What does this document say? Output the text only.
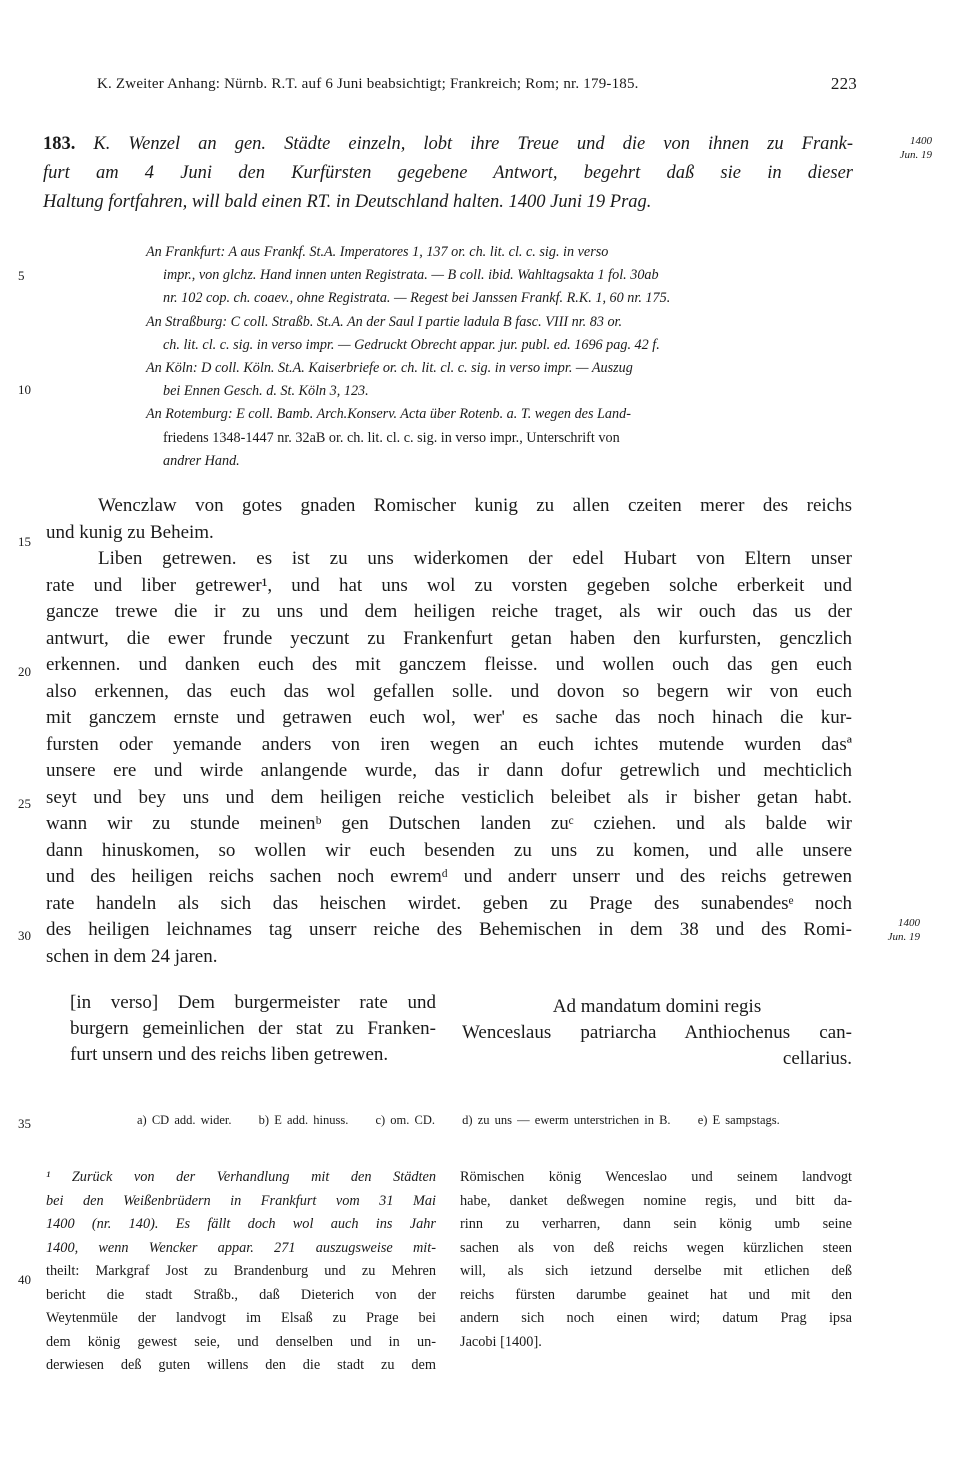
K. Zweiter Anhang: Nürnb. R.T. auf 6 Juni beabsichtigt; Frankreich; Rom; nr. 179-185.	223
183. K. Wenzel an gen. Städte einzeln, lobt ihre Treue und die von ihnen zu Frank-
furt am 4 Juni den Kurfürsten gegebene Antwort, begehrt daß sie in dieser
Haltung fortfahren, will bald einen RT. in Deutschland halten. 1400 Juni 19 Prag.
1400
Jun. 19
5
10
15
20
25
30
35
40
An Frankfurt: A aus Frankf. St.A. Imperatores 1, 137 or. ch. lit. cl. c. sig. in verso
impr., von glchz. Hand innen unten Registrata. — B coll. ibid. Wahltagsakta 1 fol. 30ab
nr. 102 cop. ch. coaev., ohne Registrata. — Regest bei Janssen Frankf. R.K. 1, 60 nr. 175.
An Straßburg: C coll. Straßb. St.A. An der Saul I partie ladula B fasc. VIII nr. 83 or.
ch. lit. cl. c. sig. in verso impr. — Gedruckt Obrecht appar. jur. publ. ed. 1696 pag. 42 f.
An Köln: D coll. Köln. St.A. Kaiserbriefe or. ch. lit. cl. c. sig. in verso impr. — Auszug
bei Ennen Gesch. d. St. Köln 3, 123.
An Rotemburg: E coll. Bamb. Arch.Konserv. Acta über Rotenb. a. T. wegen des Land-
friedens 1348-1447 nr. 32aB or. ch. lit. cl. c. sig. in verso impr., Unterschrift von
andrer Hand.
Wenczlaw von gotes gnaden Romischer kunig zu allen czeiten merer des reichs
und kunig zu Beheim.
Liben getrewen. es ist zu uns widerkomen der edel Hubart von Eltern unser
rate und liber getrewer¹, und hat uns wol zu vorsten gegeben solche erberkeit und
gancze trewe die ir zu uns und dem heiligen reiche traget, als wir ouch das us der
antwurt, die ewer frunde yeczunt zu Frankenfurt getan haben den kurfursten, genczlich
erkennen. und danken euch des mit ganczem fleisse. und wollen ouch das gen euch
also erkennen, das euch das wol gefallen solle. und dovon so begern wir von euch
mit ganczem ernste und getrawen euch wol, wer' es sache das noch hinach die kur-
fursten oder yemande anders von iren wegen an euch ichtes mutende wurden dasª
unsere ere und wirde anlangende wurde, das ir dann dofur getrewlich und mechticlich
seyt und bey uns und dem heiligen reiche vesticlich beleibet als ir bisher getan habt.
wann wir zu stunde meinenᵇ gen Dutschen landen zuᶜ cziehen. und als balde wir
dann hinuskomen, so wollen wir euch besenden zu uns zu komen, und alle unsere
und des heiligen reichs sachen noch ewremᵈ und anderr unserr und des reichs getrewen
rate handeln als sich das heischen wirdet. geben zu Prage des sunabendesᵉ noch
des heiligen leichnames tag unserr reiche des Behemischen in dem 38 und des Romi-
schen in dem 24 jaren.
1400
Jun. 19
[in verso] Dem burgermeister rate und
burgern gemeinlichen der stat zu Franken-
furt unsern und des reichs liben getrewen.
Ad mandatum domini regis
Wenceslaus patriarcha Anthiochenus can-
cellarius.
a) CD add. wider. b) E add. hinuss. c) om. CD. d) zu uns — ewerm unterstrichen in B. e) E sampstags.
¹ Zurück von der Verhandlung mit den Städten
bei den Weißenbrüdern in Frankfurt vom 31 Mai
1400 (nr. 140). Es fällt doch wol auch ins Jahr
1400, wenn Wencker appar. 271 auszugsweise mit-
theilt: Markgraf Jost zu Brandenburg und zu Mehren
bericht die stadt Straßb., daß Dieterich von der
Weytenmüle der landvogt im Elsaß zu Prage bei
dem könig gewest seie, und denselben und in un-
derwiesen deß guten willens den die stadt zu dem
Römischen könig Wenceslao und seinem landvogt
habe, danket deßwegen nomine regis, und bitt da-
rinn zu verharren, dann sein könig umb seine
sachen als von deß reichs wegen kürzlichen steen
will, als sich ietzund derselbe mit etlichen deß
reichs fürsten darumbe geainet hat und mit den
andern sich noch einen wird; datum Prag ipsa
Jacobi [1400].
